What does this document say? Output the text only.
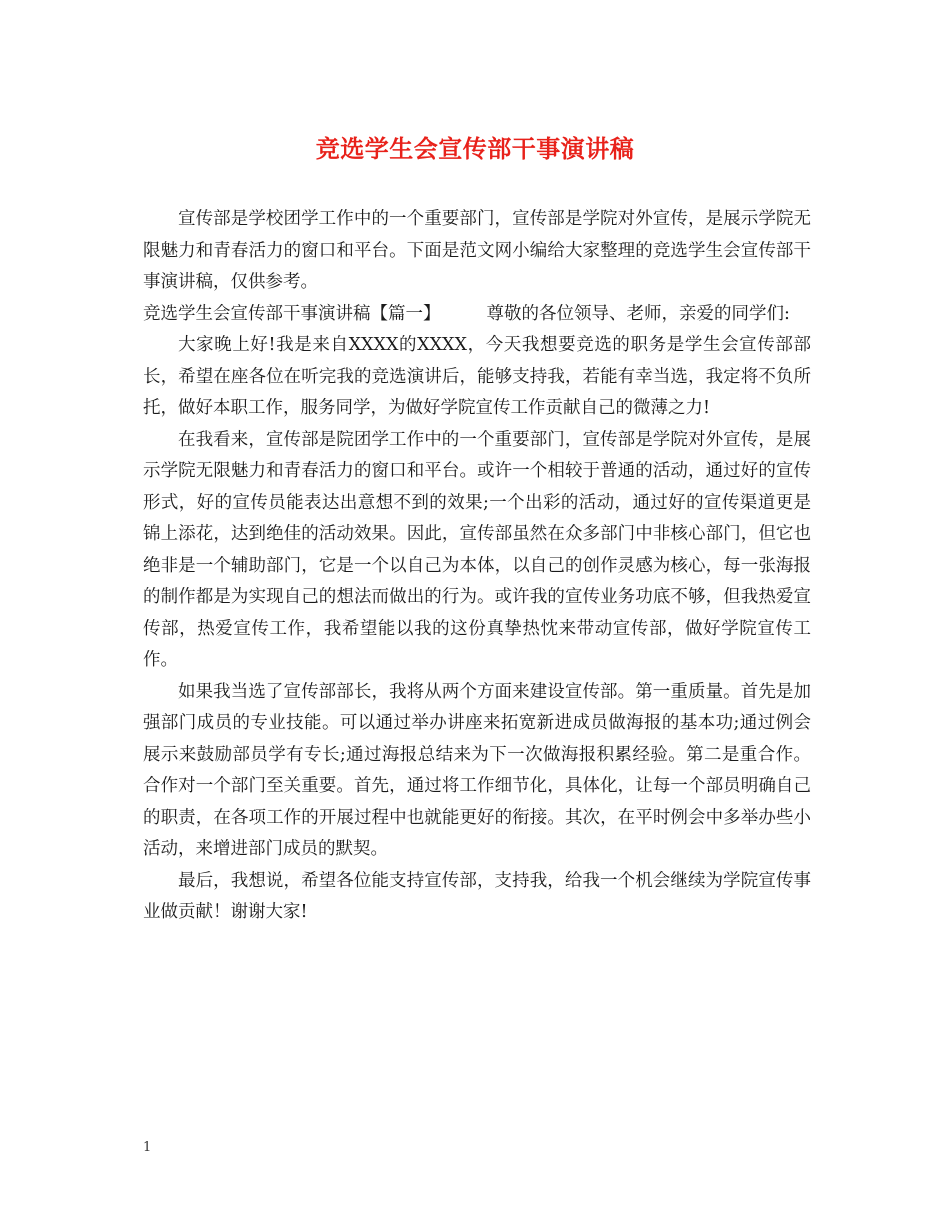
竞选学生会宣传部干事演讲稿

宣传部是学校团学工作中的一个重要部门，宣传部是学院对外宣传，是展示学院无限魅力和青春活力的窗口和平台。下面是范文网小编给大家整理的竞选学生会宣传部干事演讲稿，仅供参考。

竞选学生会宣传部干事演讲稿【篇一】	尊敬的各位领导、老师，亲爱的同学们:

大家晚上好!我是来自XXXX的XXXX，今天我想要竞选的职务是学生会宣传部部长，希望在座各位在听完我的竞选演讲后，能够支持我，若能有幸当选，我定将不负所托，做好本职工作，服务同学，为做好学院宣传工作贡献自己的微薄之力!

在我看来，宣传部是院团学工作中的一个重要部门，宣传部是学院对外宣传，是展示学院无限魅力和青春活力的窗口和平台。或许一个相较于普通的活动，通过好的宣传形式，好的宣传员能表达出意想不到的效果;一个出彩的活动，通过好的宣传渠道更是锦上添花，达到绝佳的活动效果。因此，宣传部虽然在众多部门中非核心部门，但它也绝非是一个辅助部门，它是一个以自己为本体，以自己的创作灵感为核心，每一张海报的制作都是为实现自己的想法而做出的行为。或许我的宣传业务功底不够，但我热爱宣传部，热爱宣传工作，我希望能以我的这份真挚热忱来带动宣传部，做好学院宣传工作。

如果我当选了宣传部部长，我将从两个方面来建设宣传部。第一重质量。首先是加强部门成员的专业技能。可以通过举办讲座来拓宽新进成员做海报的基本功;通过例会展示来鼓励部员学有专长;通过海报总结来为下一次做海报积累经验。第二是重合作。合作对一个部门至关重要。首先，通过将工作细节化，具体化，让每一个部员明确自己的职责，在各项工作的开展过程中也就能更好的衔接。其次，在平时例会中多举办些小活动，来增进部门成员的默契。

最后，我想说，希望各位能支持宣传部，支持我，给我一个机会继续为学院宣传事业做贡献！谢谢大家!

1
